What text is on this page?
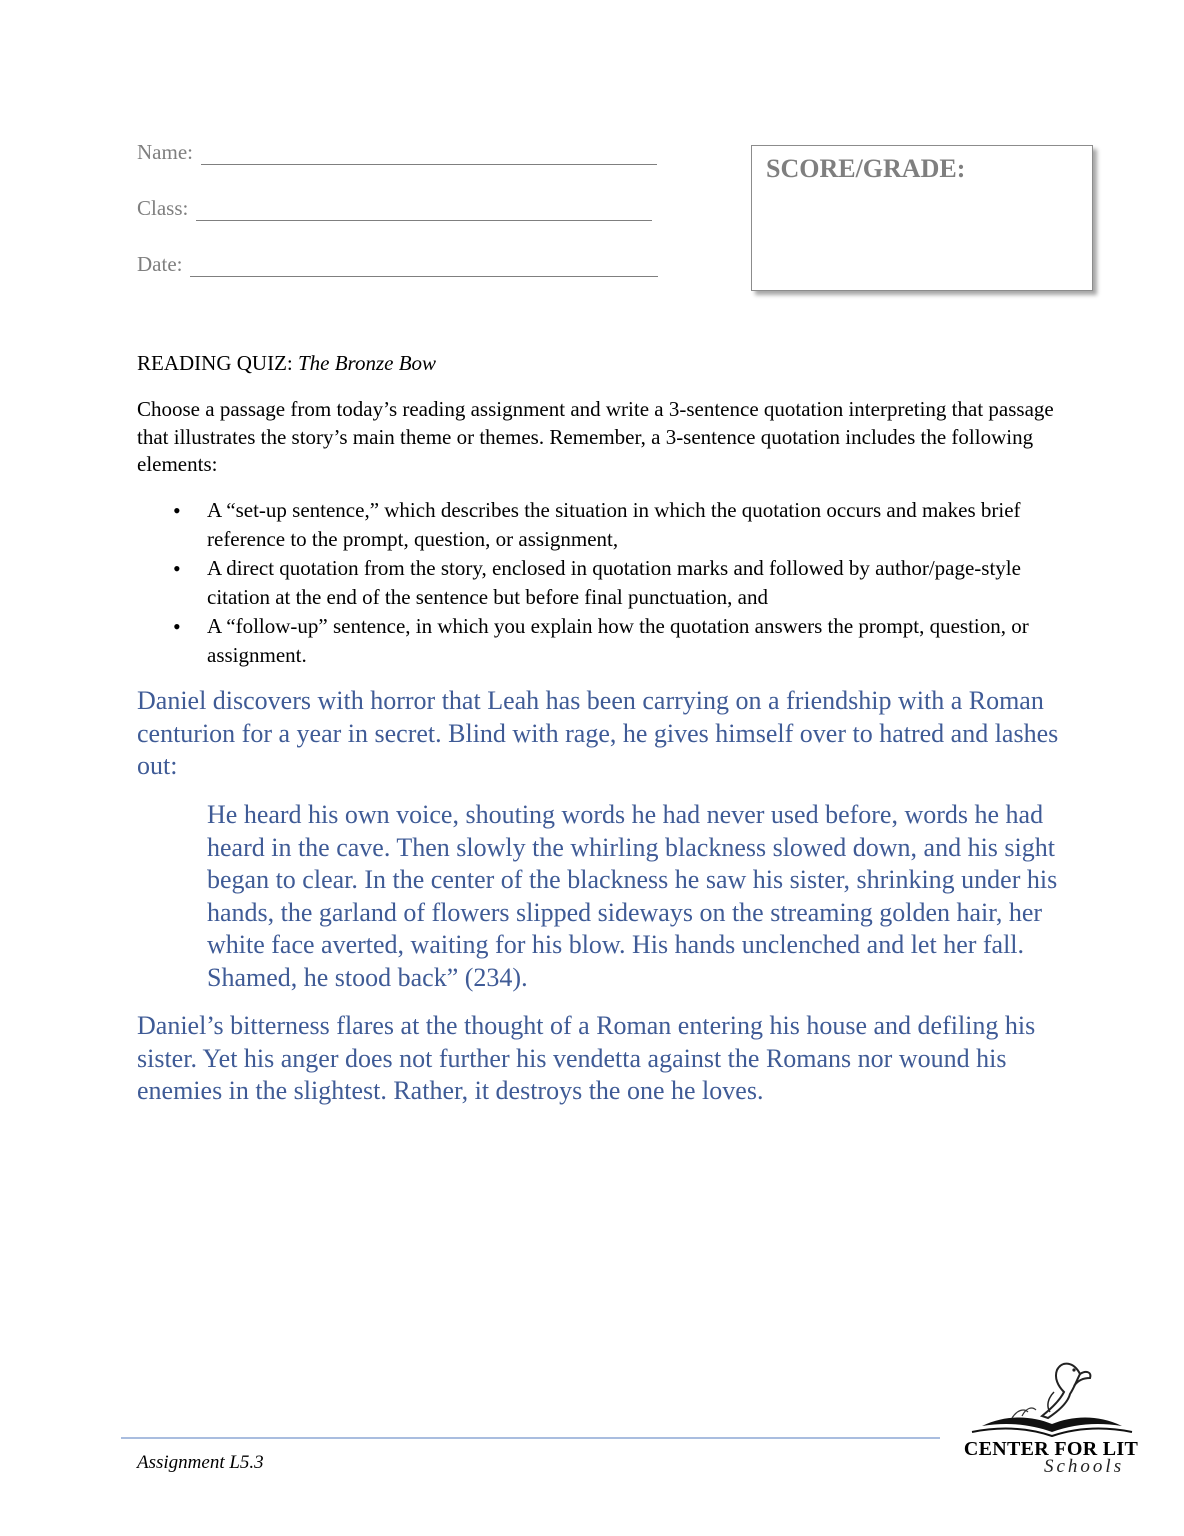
Name:
Class:
Date:
SCORE/GRADE:
READING QUIZ: The Bronze Bow

Choose a passage from today’s reading assignment and write a 3-sentence quotation interpreting that passage that illustrates the story’s main theme or themes. Remember, a 3-sentence quotation includes the following elements:

• A “set-up sentence,” which describes the situation in which the quotation occurs and makes brief reference to the prompt, question, or assignment,
• A direct quotation from the story, enclosed in quotation marks and followed by author/page-style citation at the end of the sentence but before final punctuation, and
• A “follow-up” sentence, in which you explain how the quotation answers the prompt, question, or assignment.

Daniel discovers with horror that Leah has been carrying on a friendship with a Roman centurion for a year in secret. Blind with rage, he gives himself over to hatred and lashes out:

He heard his own voice, shouting words he had never used before, words he had heard in the cave. Then slowly the whirling blackness slowed down, and his sight began to clear. In the center of the blackness he saw his sister, shrinking under his hands, the garland of flowers slipped sideways on the streaming golden hair, her white face averted, waiting for his blow. His hands unclenched and let her fall. Shamed, he stood back” (234).

Daniel’s bitterness flares at the thought of a Roman entering his house and defiling his sister. Yet his anger does not further his vendetta against the Romans nor wound his enemies in the slightest. Rather, it destroys the one he loves.

Assignment L5.3
CENTER FOR LIT
Schools
